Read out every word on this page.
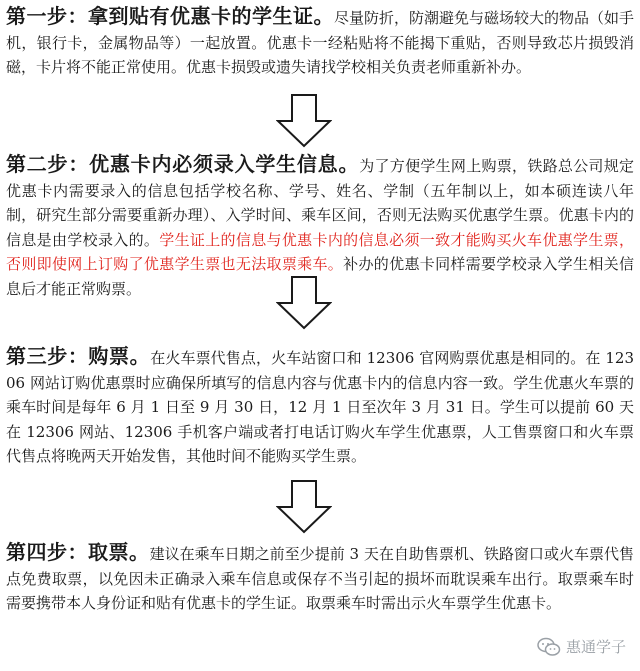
第一步：拿到贴有优惠卡的学生证。尽量防折，防潮避免与磁场较大的物品（如手机，银行卡，金属物品等）一起放置。优惠卡一经粘贴将不能揭下重贴，否则导致芯片损毁消磁，卡片将不能正常使用。优惠卡损毁或遗失请找学校相关负责老师重新补办。
第二步：优惠卡内必须录入学生信息。为了方便学生网上购票，铁路总公司规定优惠卡内需要录入的信息包括学校名称、学号、姓名、学制（五年制以上，如本硕连读八年制，研究生部分需要重新办理）、入学时间、乘车区间，否则无法购买优惠学生票。优惠卡内的信息是由学校录入的。学生证上的信息与优惠卡内的信息必须一致才能购买火车优惠学生票，否则即使网上订购了优惠学生票也无法取票乘车。补办的优惠卡同样需要学校录入学生相关信息后才能正常购票。
第三步：购票。在火车票代售点，火车站窗口和 12306 官网购票优惠是相同的。在 12306 网站订购优惠票时应确保所填写的信息内容与优惠卡内的信息内容一致。学生优惠火车票的乘车时间是每年 6 月 1 日至 9 月 30 日，12 月 1 日至次年 3 月 31 日。学生可以提前 60 天在 12306 网站、12306 手机客户端或者打电话订购火车学生优惠票，人工售票窗口和火车票代售点将晚两天开始发售，其他时间不能购买学生票。
第四步：取票。建议在乘车日期之前至少提前 3 天在自助售票机、铁路窗口或火车票代售点免费取票，以免因未正确录入乘车信息或保存不当引起的损坏而耽误乘车出行。取票乘车时需要携带本人身份证和贴有优惠卡的学生证。取票乘车时需出示火车票学生优惠卡。
惠通学子
